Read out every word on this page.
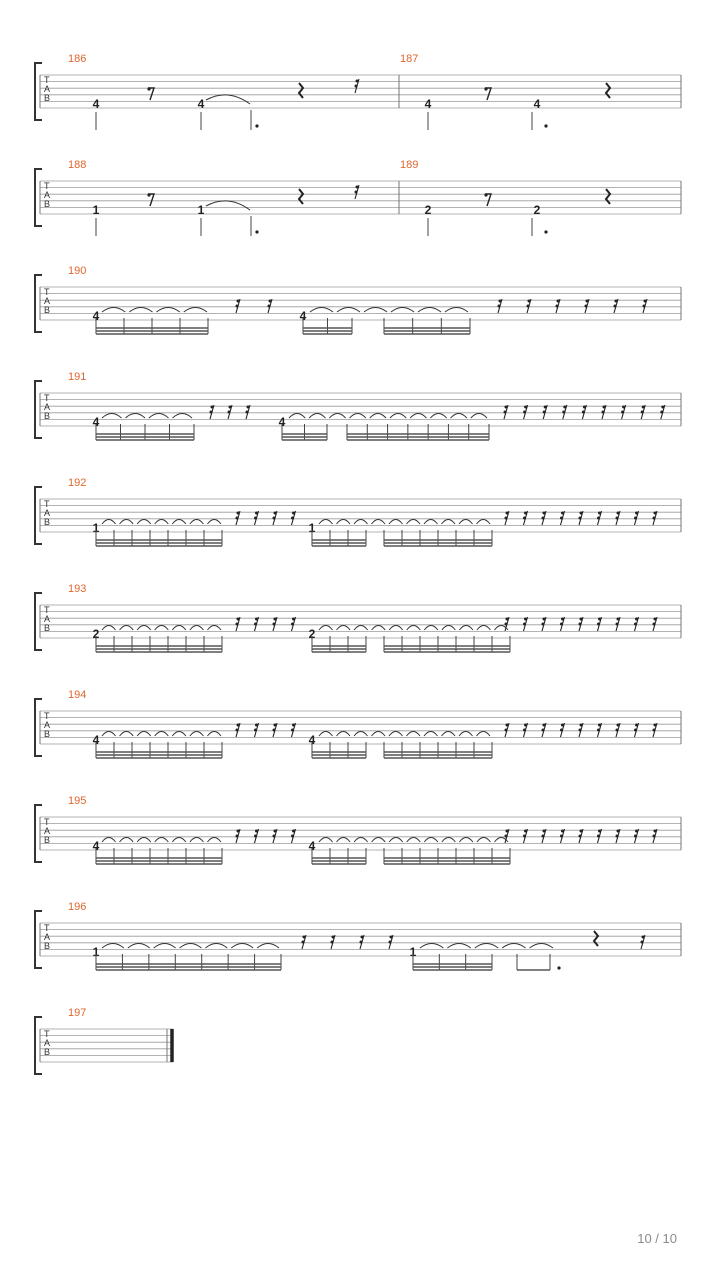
T
A
B
186	187
4	4	4	4
T
A
B
188	189
1	1	2	2
T
A
B
190
4	4
T
A
B
191
4	4
T
A
B
192
1	1
T
A
B
193
2	2
T
A
B
194
4	4
T
A
B
195
4	4
T
A
B
196
1	1
T
A
B
197
10 / 10
